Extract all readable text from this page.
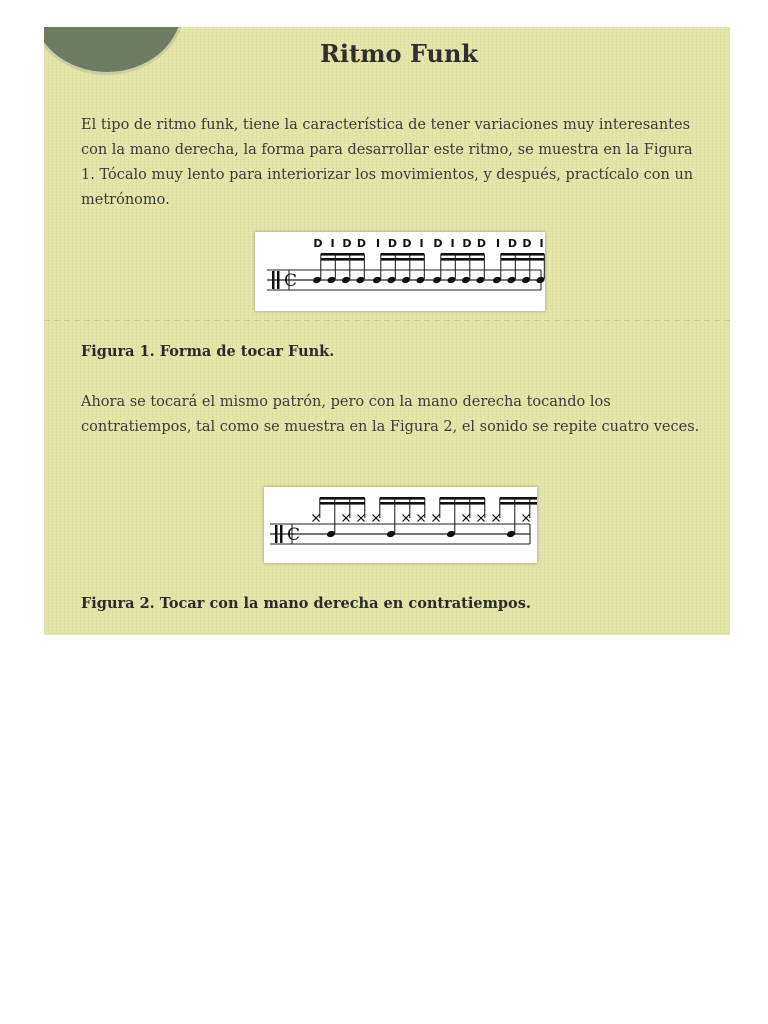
Ritmo Funk

El tipo de ritmo funk, tiene la característica de tener variaciones muy interesantes con la mano derecha, la forma para desarrollar este ritmo, se muestra en la Figura 1. Tócalo muy lento para interiorizar los movimientos, y después, practícalo con un metrónomo.

C
D I D D I D D I D I D D I D D I

Figura 1. Forma de tocar Funk.

Ahora se tocará el mismo patrón, pero con la mano derecha tocando los contratiempos, tal como se muestra en la Figura 2, el sonido se repite cuatro veces.

C

Figura 2. Tocar con la mano derecha en contratiempos.
